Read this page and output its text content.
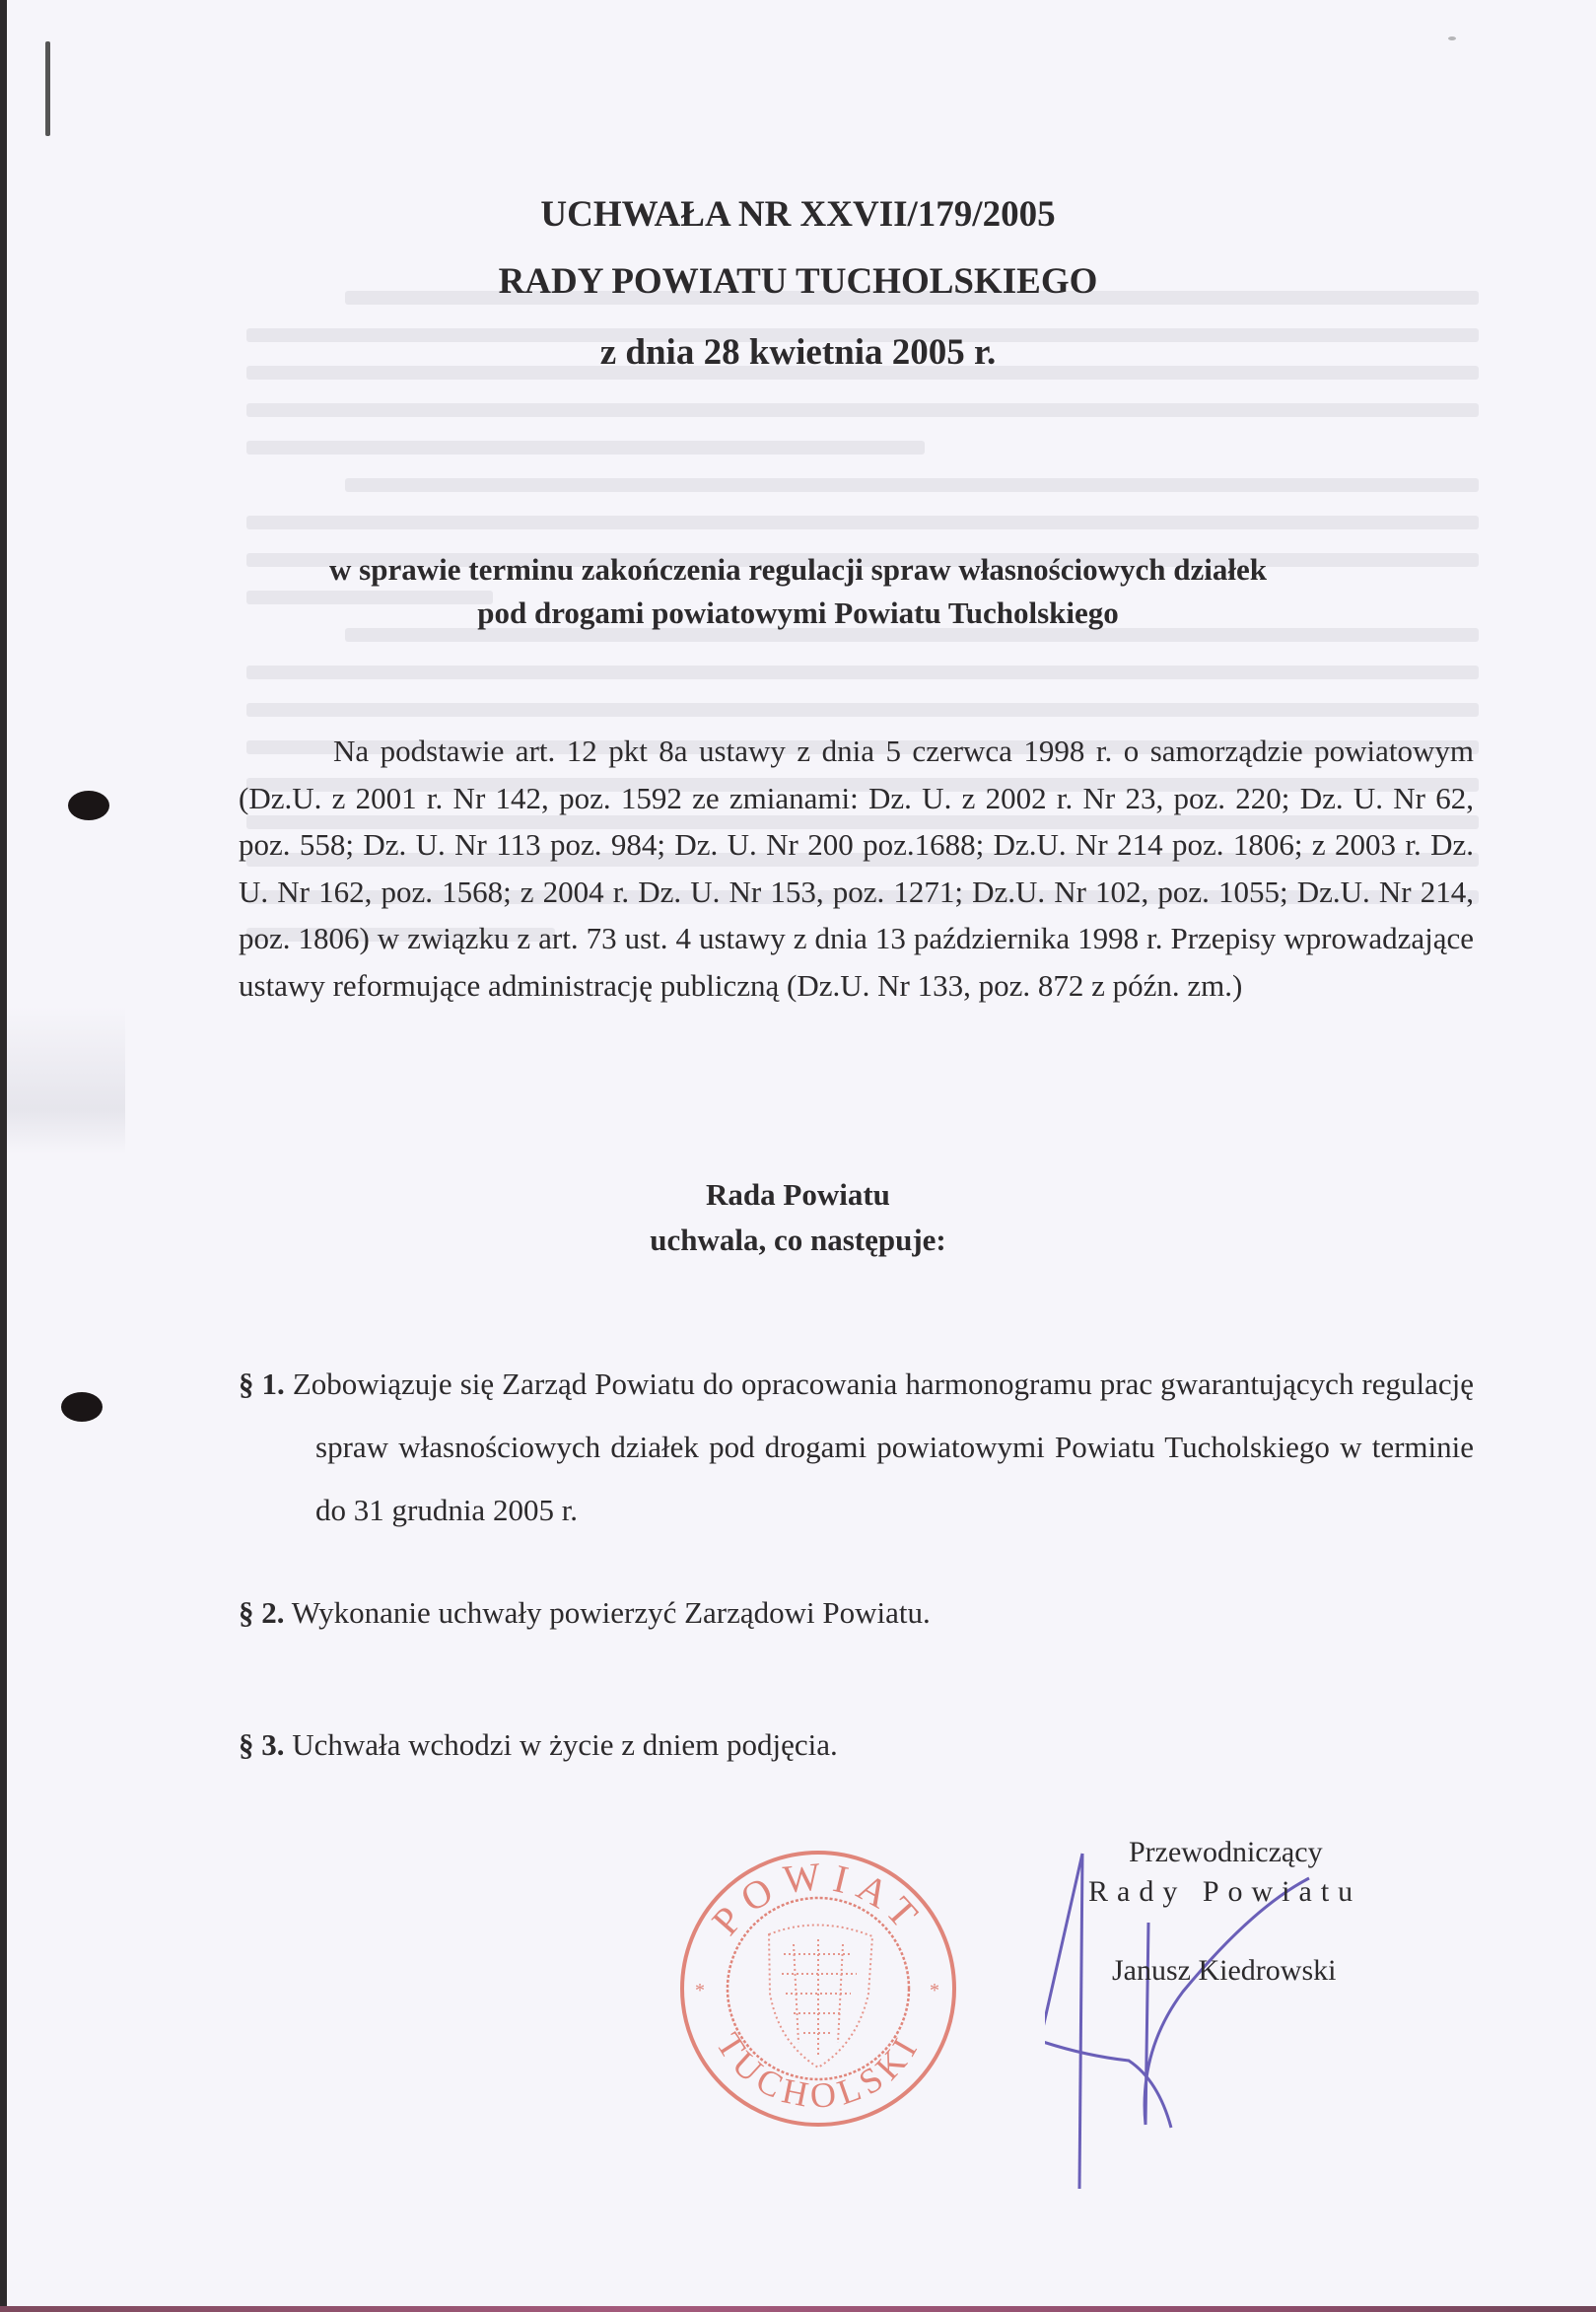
UCHWAŁA NR XXVII/179/2005
RADY POWIATU TUCHOLSKIEGO
z dnia 28 kwietnia 2005 r.
w sprawie terminu zakończenia regulacji spraw własnościowych działek
pod drogami powiatowymi Powiatu Tucholskiego
Na podstawie art. 12 pkt 8a ustawy z dnia 5 czerwca 1998 r. o samorządzie powiatowym (Dz.U. z 2001 r. Nr 142, poz. 1592 ze zmianami: Dz. U. z 2002 r. Nr 23, poz. 220; Dz. U. Nr 62, poz. 558; Dz. U. Nr 113 poz. 984; Dz. U. Nr 200 poz.1688; Dz.U. Nr 214 poz. 1806; z 2003 r. Dz. U. Nr 162, poz. 1568; z 2004 r. Dz. U. Nr 153, poz. 1271; Dz.U. Nr 102, poz. 1055; Dz.U. Nr 214, poz. 1806) w związku z art. 73 ust. 4 ustawy z dnia 13 października 1998 r. Przepisy wprowadzające ustawy reformujące administrację publiczną (Dz.U. Nr 133, poz. 872 z późn. zm.)
Rada Powiatu
uchwala, co następuje:
§ 1. Zobowiązuje się Zarząd Powiatu do opracowania harmonogramu prac gwarantujących regulację spraw własnościowych działek pod drogami powiatowymi Powiatu Tucholskiego w terminie do 31 grudnia 2005 r.
§ 2. Wykonanie uchwały powierzyć Zarządowi Powiatu.
§ 3. Uchwała wchodzi w życie z dniem podjęcia.
POWIAT
TUCHOLSKI
*	*
Przewodniczący
Rady Powiatu
Janusz Kiedrowski
